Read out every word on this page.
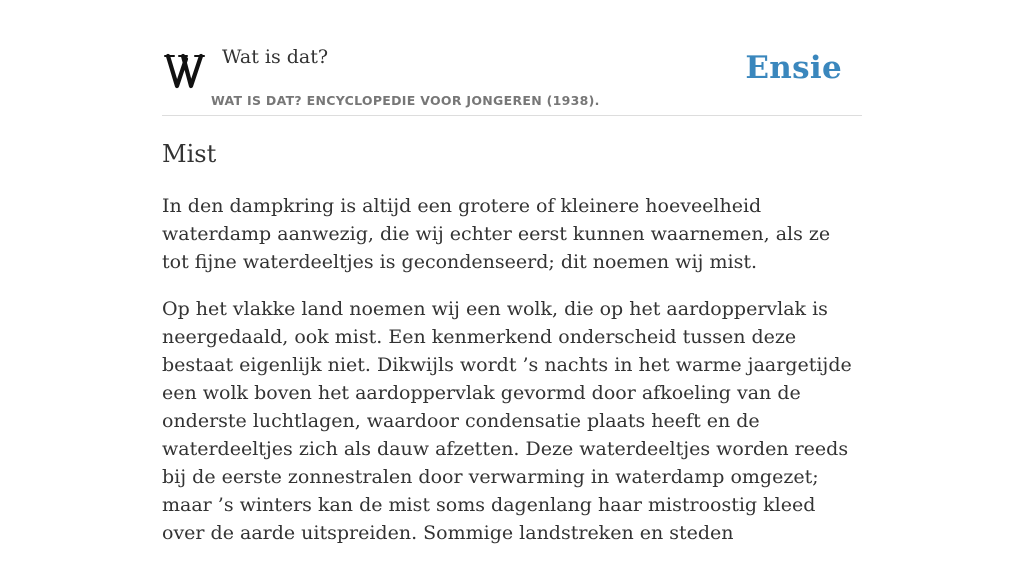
Wat is dat?
WAT IS DAT? ENCYCLOPEDIE VOOR JONGEREN (1938).
Ensie
Mist

In den dampkring is altijd een grotere of kleinere hoeveelheid waterdamp aanwezig, die wij echter eerst kunnen waarnemen, als ze tot fijne waterdeeltjes is gecondenseerd; dit noemen wij mist.

Op het vlakke land noemen wij een wolk, die op het aardoppervlak is neergedaald, ook mist. Een kenmerkend onderscheid tussen deze bestaat eigenlijk niet. Dikwijls wordt ’s nachts in het warme jaargetijde een wolk boven het aardoppervlak gevormd door afkoeling van de onderste luchtlagen, waardoor condensatie plaats heeft en de waterdeeltjes zich als dauw afzetten. Deze waterdeeltjes worden reeds bij de eerste zonnestralen door verwarming in waterdamp omgezet; maar ’s winters kan de mist soms dagenlang haar mistroostig kleed over de aarde uitspreiden. Sommige landstreken en steden
